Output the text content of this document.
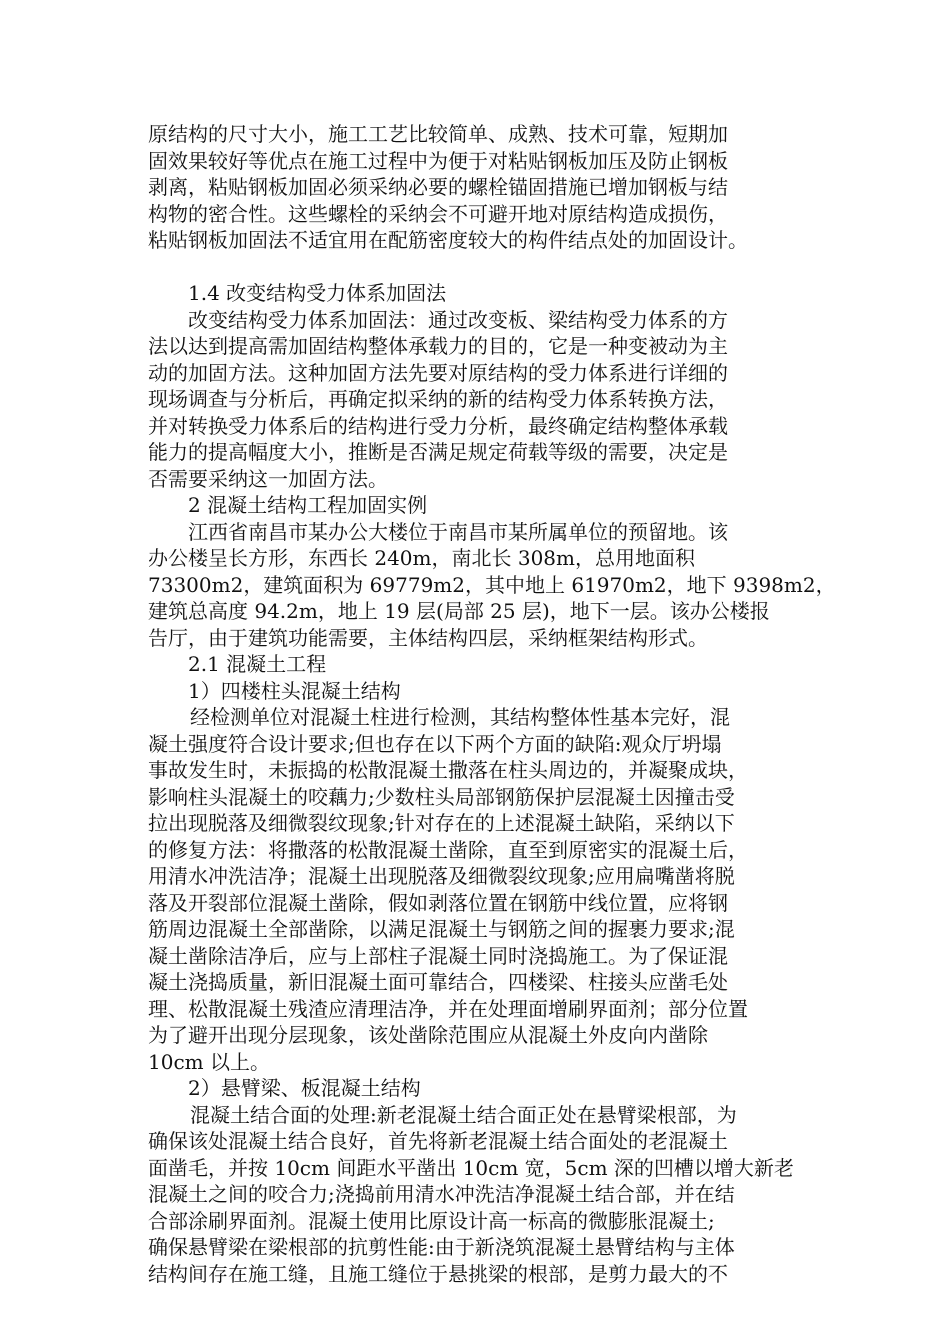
原结构的尺寸大小，施工工艺比较简单、成熟、技术可靠，短期加
固效果较好等优点在施工过程中为便于对粘贴钢板加压及防止钢板
剥离，粘贴钢板加固必须采纳必要的螺栓锚固措施已增加钢板与结
构物的密合性。这些螺栓的采纳会不可避开地对原结构造成损伤，
粘贴钢板加固法不适宜用在配筋密度较大的构件结点处的加固设计。
1.4 改变结构受力体系加固法
改变结构受力体系加固法：通过改变板、梁结构受力体系的方
法以达到提高需加固结构整体承载力的目的，它是一种变被动为主
动的加固方法。这种加固方法先要对原结构的受力体系进行详细的
现场调查与分析后，再确定拟采纳的新的结构受力体系转换方法，
并对转换受力体系后的结构进行受力分析，最终确定结构整体承载
能力的提高幅度大小，推断是否满足规定荷载等级的需要，决定是
否需要采纳这一加固方法。
2 混凝土结构工程加固实例
江西省南昌市某办公大楼位于南昌市某所属单位的预留地。该
办公楼呈长方形，东西长 240m，南北长 308m，总用地面积
73300m2，建筑面积为 69779m2，其中地上 61970m2，地下 9398m2，
建筑总高度 94.2m，地上 19 层(局部 25 层)，地下一层。该办公楼报
告厅，由于建筑功能需要，主体结构四层，采纳框架结构形式。
2.1 混凝土工程
1）四楼柱头混凝土结构
经检测单位对混凝土柱进行检测，其结构整体性基本完好，混
凝土强度符合设计要求;但也存在以下两个方面的缺陷:观众厅坍塌
事故发生时，未振捣的松散混凝土撒落在柱头周边的，并凝聚成块，
影响柱头混凝土的咬藕力;少数柱头局部钢筋保护层混凝土因撞击受
拉出现脱落及细微裂纹现象;针对存在的上述混凝土缺陷，采纳以下
的修复方法：将撒落的松散混凝土凿除，直至到原密实的混凝土后，
用清水冲洗洁净；混凝土出现脱落及细微裂纹现象;应用扁嘴凿将脱
落及开裂部位混凝土凿除，假如剥落位置在钢筋中线位置，应将钢
筋周边混凝土全部凿除，以满足混凝土与钢筋之间的握裹力要求;混
凝土凿除洁净后，应与上部柱子混凝土同时浇捣施工。为了保证混
凝土浇捣质量，新旧混凝土面可靠结合，四楼梁、柱接头应凿毛处
理、松散混凝土残渣应清理洁净，并在处理面增刷界面剂；部分位置
为了避开出现分层现象，该处凿除范围应从混凝土外皮向内凿除
10cm 以上。
2）悬臂梁、板混凝土结构
混凝土结合面的处理:新老混凝土结合面正处在悬臂梁根部，为
确保该处混凝土结合良好，首先将新老混凝土结合面处的老混凝土
面凿毛，并按 10cm 间距水平凿出 10cm 宽，5cm 深的凹槽以增大新老
混凝土之间的咬合力;浇捣前用清水冲洗洁净混凝土结合部，并在结
合部涂刷界面剂。混凝土使用比原设计高一标高的微膨胀混凝土;
确保悬臂梁在梁根部的抗剪性能:由于新浇筑混凝土悬臂结构与主体
结构间存在施工缝，且施工缝位于悬挑梁的根部，是剪力最大的不
